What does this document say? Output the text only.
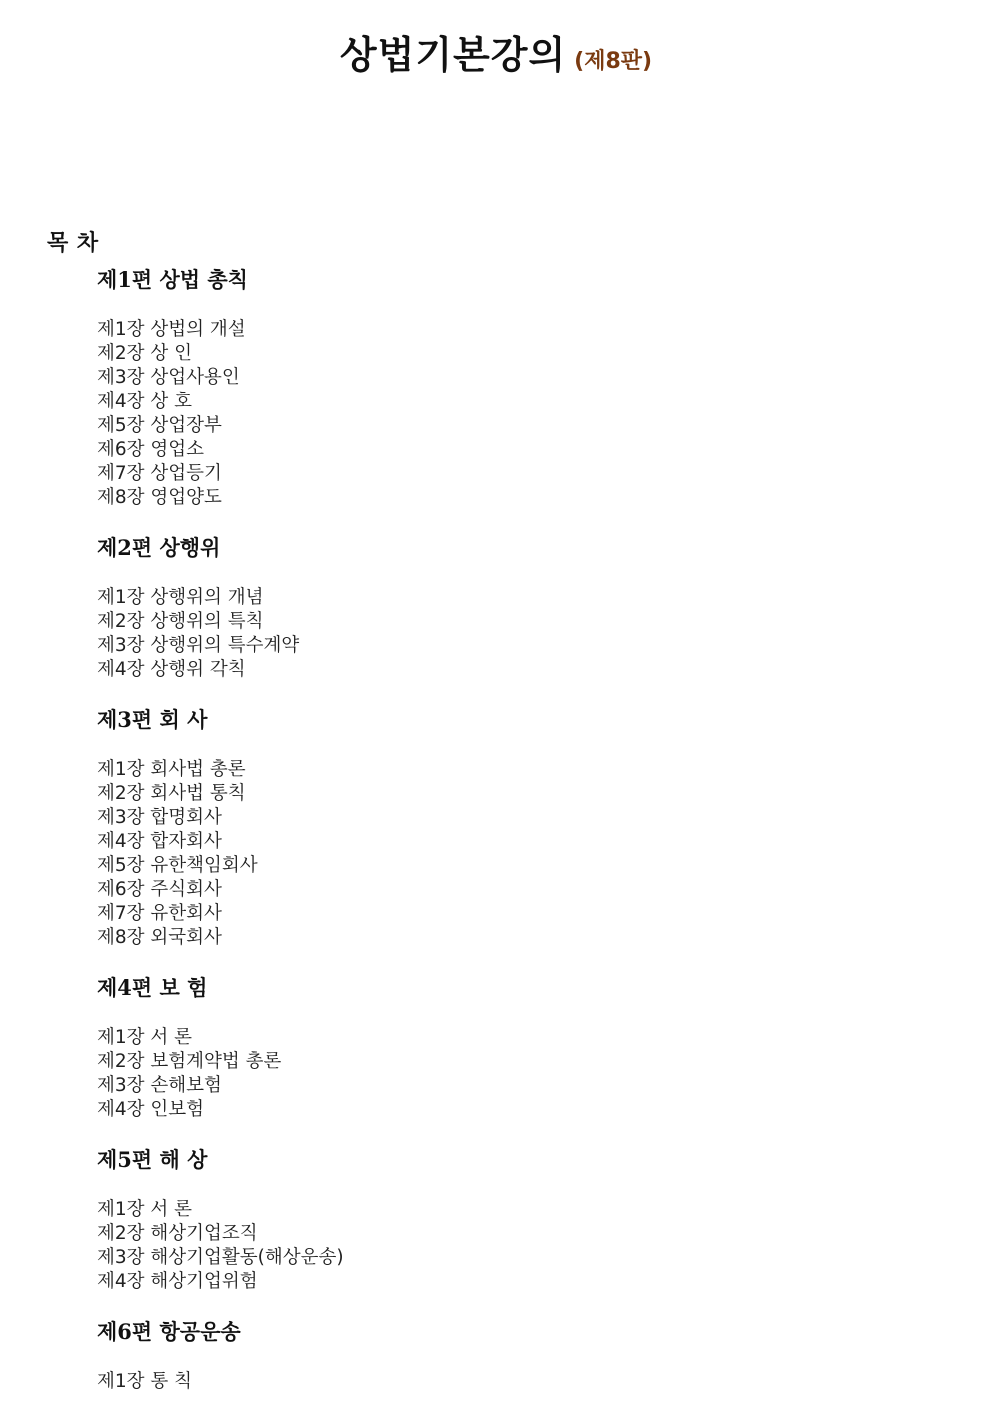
상법기본강의 (제8판)
목 차
제1편 상법 총칙
제1장 상법의 개설
제2장 상 인
제3장 상업사용인
제4장 상 호
제5장 상업장부
제6장 영업소
제7장 상업등기
제8장 영업양도
제2편 상행위
제1장 상행위의 개념
제2장 상행위의 특칙
제3장 상행위의 특수계약
제4장 상행위 각칙
제3편 회 사
제1장 회사법 총론
제2장 회사법 통칙
제3장 합명회사
제4장 합자회사
제5장 유한책임회사
제6장 주식회사
제7장 유한회사
제8장 외국회사
제4편 보 험
제1장 서 론
제2장 보험계약법 총론
제3장 손해보험
제4장 인보험
제5편 해 상
제1장 서 론
제2장 해상기업조직
제3장 해상기업활동(해상운송)
제4장 해상기업위험
제6편 항공운송
제1장 통 칙
